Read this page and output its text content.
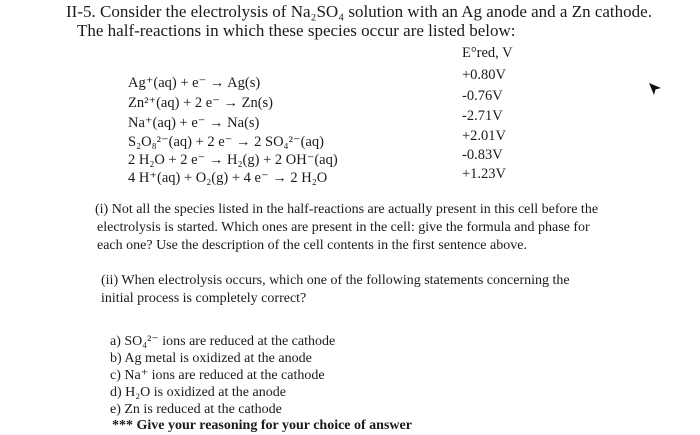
II-5. Consider the electrolysis of Na₂SO₄ solution with an Ag anode and a Zn cathode.
The half-reactions in which these species occur are listed below:
E°red, V
Ag⁺(aq) + e⁻ → Ag(s)	+0.80V
Zn²⁺(aq) + 2 e⁻ → Zn(s)	-0.76V
Na⁺(aq) + e⁻ → Na(s)	-2.71V
S₂O₈²⁻(aq) + 2 e⁻ → 2 SO₄²⁻(aq)	+2.01V
2 H₂O + 2 e⁻ → H₂(g) + 2 OH⁻(aq)	-0.83V
4 H⁺(aq) + O₂(g) + 4 e⁻ → 2 H₂O	+1.23V
(i) Not all the species listed in the half-reactions are actually present in this cell before the
electrolysis is started. Which ones are present in the cell: give the formula and phase for
each one? Use the description of the cell contents in the first sentence above.
(ii) When electrolysis occurs, which one of the following statements concerning the
initial process is completely correct?
a) SO₄²⁻ ions are reduced at the cathode
b) Ag metal is oxidized at the anode
c) Na⁺ ions are reduced at the cathode
d) H₂O is oxidized at the anode
e) Zn is reduced at the cathode
*** Give your reasoning for your choice of answer
